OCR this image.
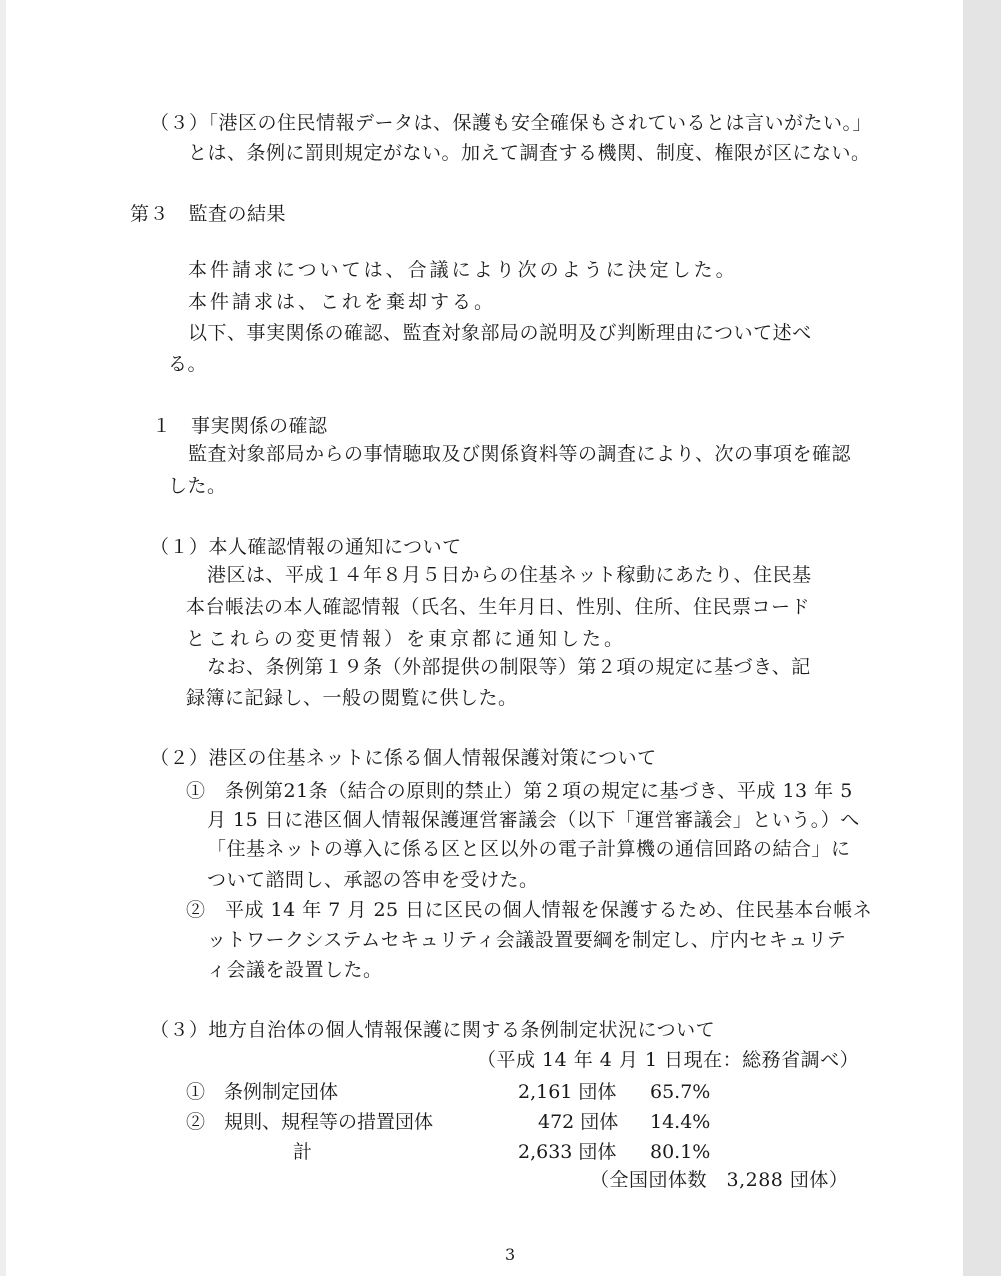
（３）「港区の住民情報データは、保護も安全確保もされているとは言いがたい。」
とは、条例に罰則規定がない。加えて調査する機関、制度、権限が区にない。
第３　監査の結果
本件請求については、合議により次のように決定した。
本件請求は、これを棄却する。
以下、事実関係の確認、監査対象部局の説明及び判断理由について述べ
る。
１　事実関係の確認
監査対象部局からの事情聴取及び関係資料等の調査により、次の事項を確認
した。
（１）本人確認情報の通知について
港区は、平成１４年８月５日からの住基ネット稼動にあたり、住民基
本台帳法の本人確認情報（氏名、生年月日、性別、住所、住民票コード
とこれらの変更情報）を東京都に通知した。
なお、条例第１９条（外部提供の制限等）第２項の規定に基づき、記
録簿に記録し、一般の閲覧に供した。
（２）港区の住基ネットに係る個人情報保護対策について
①　条例第21条（結合の原則的禁止）第２項の規定に基づき、平成 13 年 5
月 15 日に港区個人情報保護運営審議会（以下「運営審議会」という。）へ
「住基ネットの導入に係る区と区以外の電子計算機の通信回路の結合」に
ついて諮問し、承認の答申を受けた。
②　平成 14 年 7 月 25 日に区民の個人情報を保護するため、住民基本台帳ネ
ットワークシステムセキュリティ会議設置要綱を制定し、庁内セキュリテ
ィ会議を設置した。
（３）地方自治体の個人情報保護に関する条例制定状況について
（平成 14 年 4 月 1 日現在：総務省調べ）
①　条例制定団体	2,161 団体 65.7%
②　規則、規程等の措置団体	472 団体 14.4%
計	2,633 団体 80.1%
（全国団体数　3,288 団体）
3
